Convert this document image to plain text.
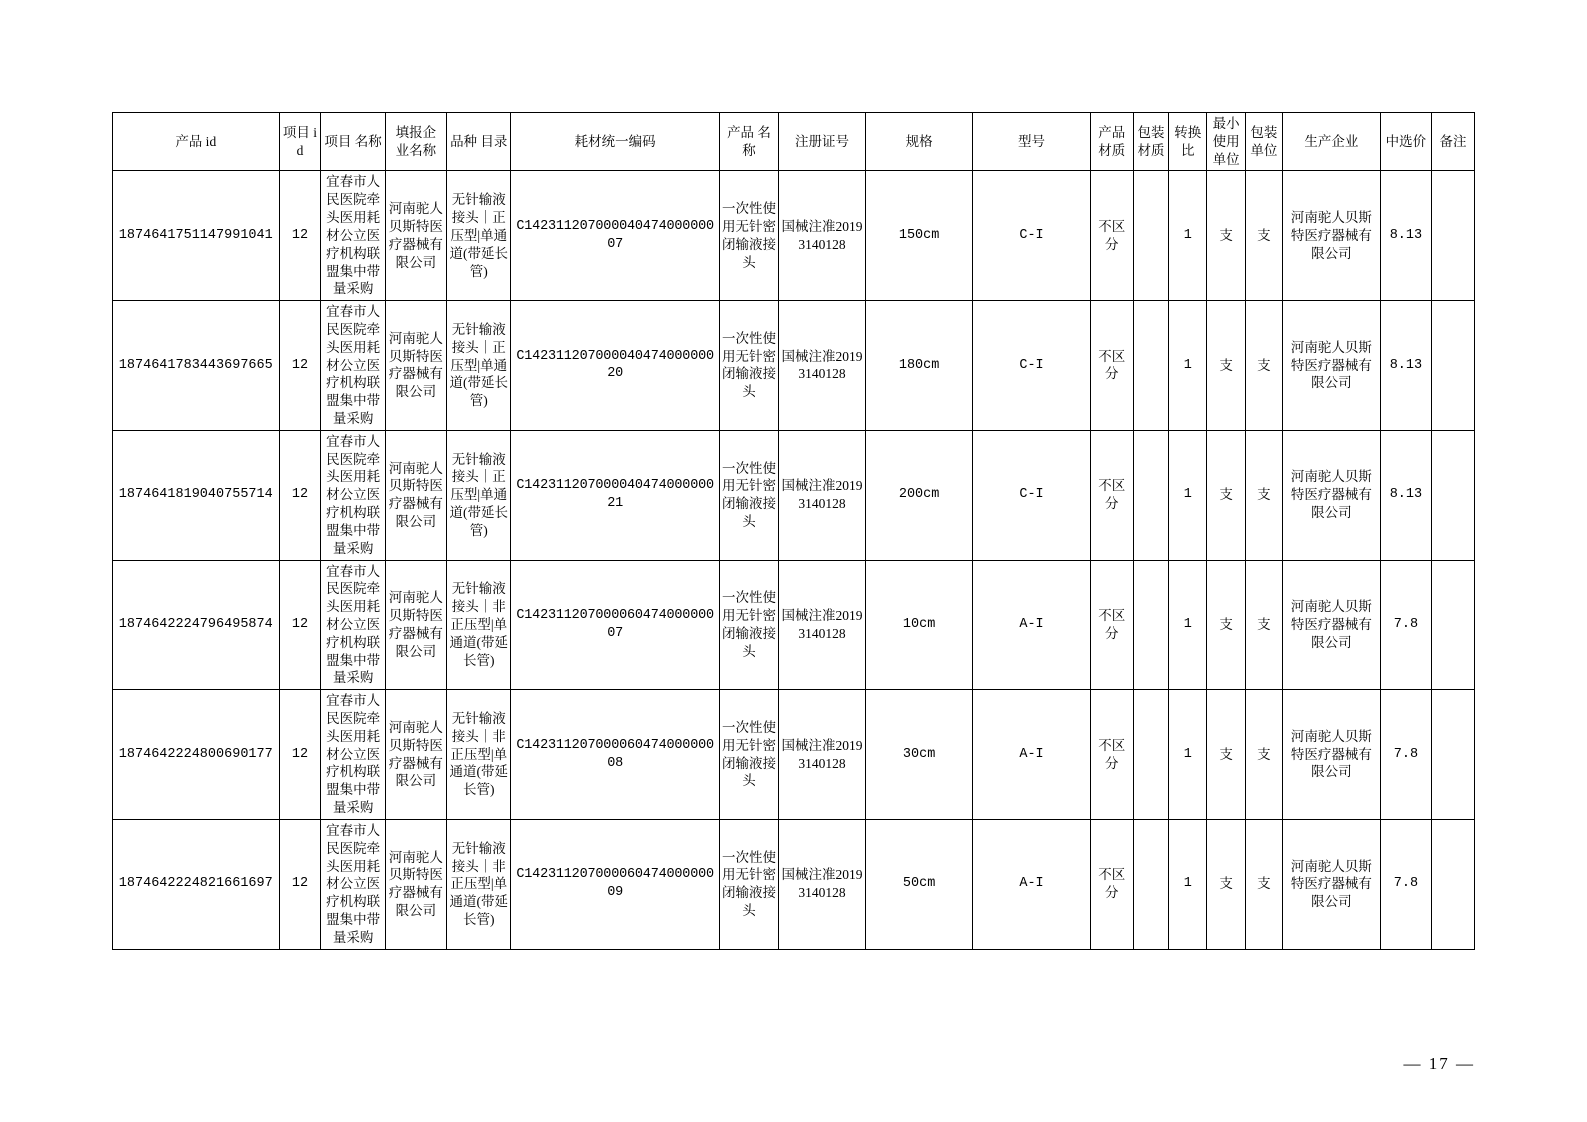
产品 id	项目 id	项目 名称	填报企 业名称	品种 目录	耗材统一编码	产品 名称	注册证号	规格	型号	产品 材质	包装 材质	转换 比	最小 使用 单位	包装 单位	生产企业	中选价	备注
1874641751147991041	12	宜春市人民医院牵头医用耗材公立医疗机构联盟集中带量采购	河南驼人贝斯特医疗器械有限公司	无针输液接头｜正压型|单通道(带延长管)	C14231120700004047400000007	一次性使用无针密闭输液接头	国械注准20193140128	150cm	C-I	不区分		1	支	支	河南驼人贝斯特医疗器械有限公司	8.13	
1874641783443697665	12	宜春市人民医院牵头医用耗材公立医疗机构联盟集中带量采购	河南驼人贝斯特医疗器械有限公司	无针输液接头｜正压型|单通道(带延长管)	C14231120700004047400000020	一次性使用无针密闭输液接头	国械注准20193140128	180cm	C-I	不区分		1	支	支	河南驼人贝斯特医疗器械有限公司	8.13	
1874641819040755714	12	宜春市人民医院牵头医用耗材公立医疗机构联盟集中带量采购	河南驼人贝斯特医疗器械有限公司	无针输液接头｜正压型|单通道(带延长管)	C14231120700004047400000021	一次性使用无针密闭输液接头	国械注准20193140128	200cm	C-I	不区分		1	支	支	河南驼人贝斯特医疗器械有限公司	8.13	
1874642224796495874	12	宜春市人民医院牵头医用耗材公立医疗机构联盟集中带量采购	河南驼人贝斯特医疗器械有限公司	无针输液接头｜非正压型|单通道(带延长管)	C14231120700006047400000007	一次性使用无针密闭输液接头	国械注准20193140128	10cm	A-I	不区分		1	支	支	河南驼人贝斯特医疗器械有限公司	7.8	
1874642224800690177	12	宜春市人民医院牵头医用耗材公立医疗机构联盟集中带量采购	河南驼人贝斯特医疗器械有限公司	无针输液接头｜非正压型|单通道(带延长管)	C14231120700006047400000008	一次性使用无针密闭输液接头	国械注准20193140128	30cm	A-I	不区分		1	支	支	河南驼人贝斯特医疗器械有限公司	7.8	
1874642224821661697	12	宜春市人民医院牵头医用耗材公立医疗机构联盟集中带量采购	河南驼人贝斯特医疗器械有限公司	无针输液接头｜非正压型|单通道(带延长管)	C14231120700006047400000009	一次性使用无针密闭输液接头	国械注准20193140128	50cm	A-I	不区分		1	支	支	河南驼人贝斯特医疗器械有限公司	7.8	
— 17 —
